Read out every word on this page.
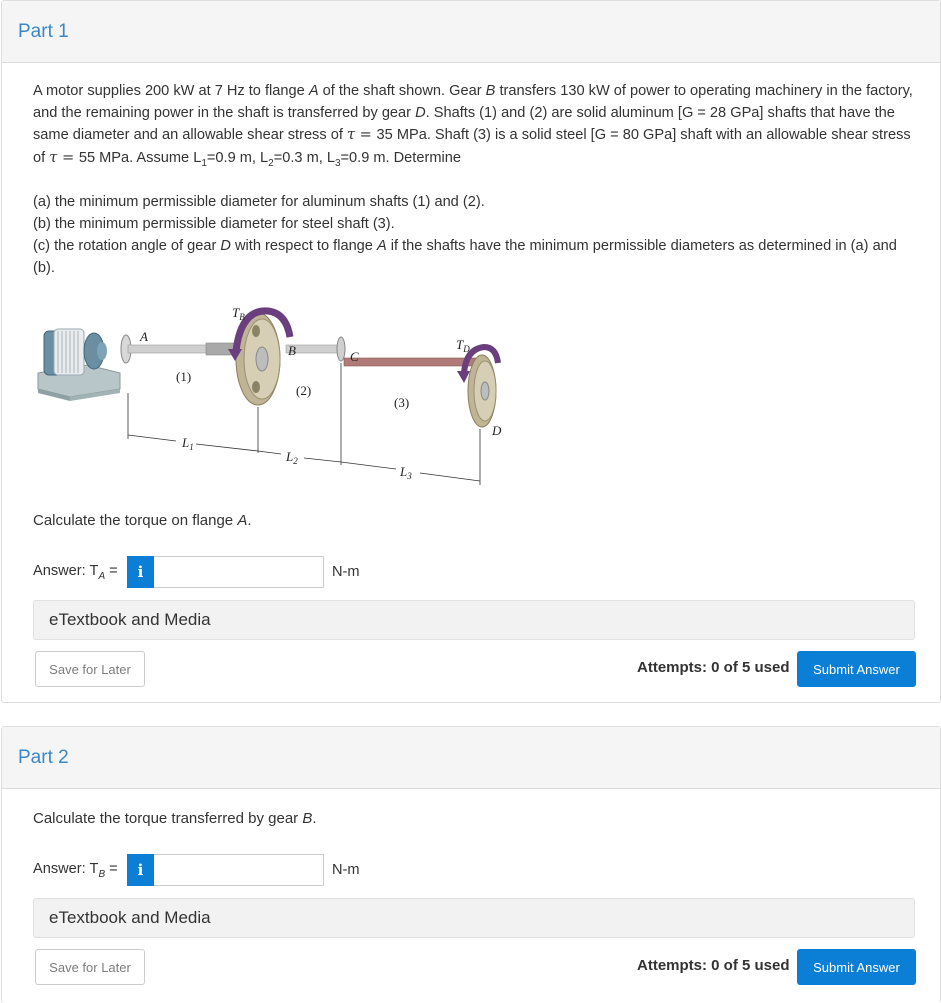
Part 1

A motor supplies 200 kW at 7 Hz to flange A of the shaft shown. Gear B transfers 130 kW of power to operating machinery in the factory, and the remaining power in the shaft is transferred by gear D. Shafts (1) and (2) are solid aluminum [G = 28 GPa] shafts that have the same diameter and an allowable shear stress of τ = 35 MPa. Shaft (3) is a solid steel [G = 80 GPa] shaft with an allowable shear stress of τ = 55 MPa. Assume $L_1=0.9$ m, $L_2=0.3$ m, $L_3=0.9$ m. Determine

(a) the minimum permissible diameter for aluminum shafts (1) and (2).
(b) the minimum permissible diameter for steel shaft (3).
(c) the rotation angle of gear D with respect to flange A if the shafts have the minimum permissible diameters as determined in (a) and (b).
A
B	C
D
$T_B$
$T_D$
(1)
(2)
(3)
$L_1$
$L_2$
$L_3$
Calculate the torque on flange A.
Answer: $T_A$ =	i	N-m
eTextbook and Media
Save for Later	Attempts: 0 of 5 used	Submit Answer
Part 2
Calculate the torque transferred by gear B.
Answer: $T_B$ =	i	N-m
eTextbook and Media
Save for Later	Attempts: 0 of 5 used	Submit Answer
